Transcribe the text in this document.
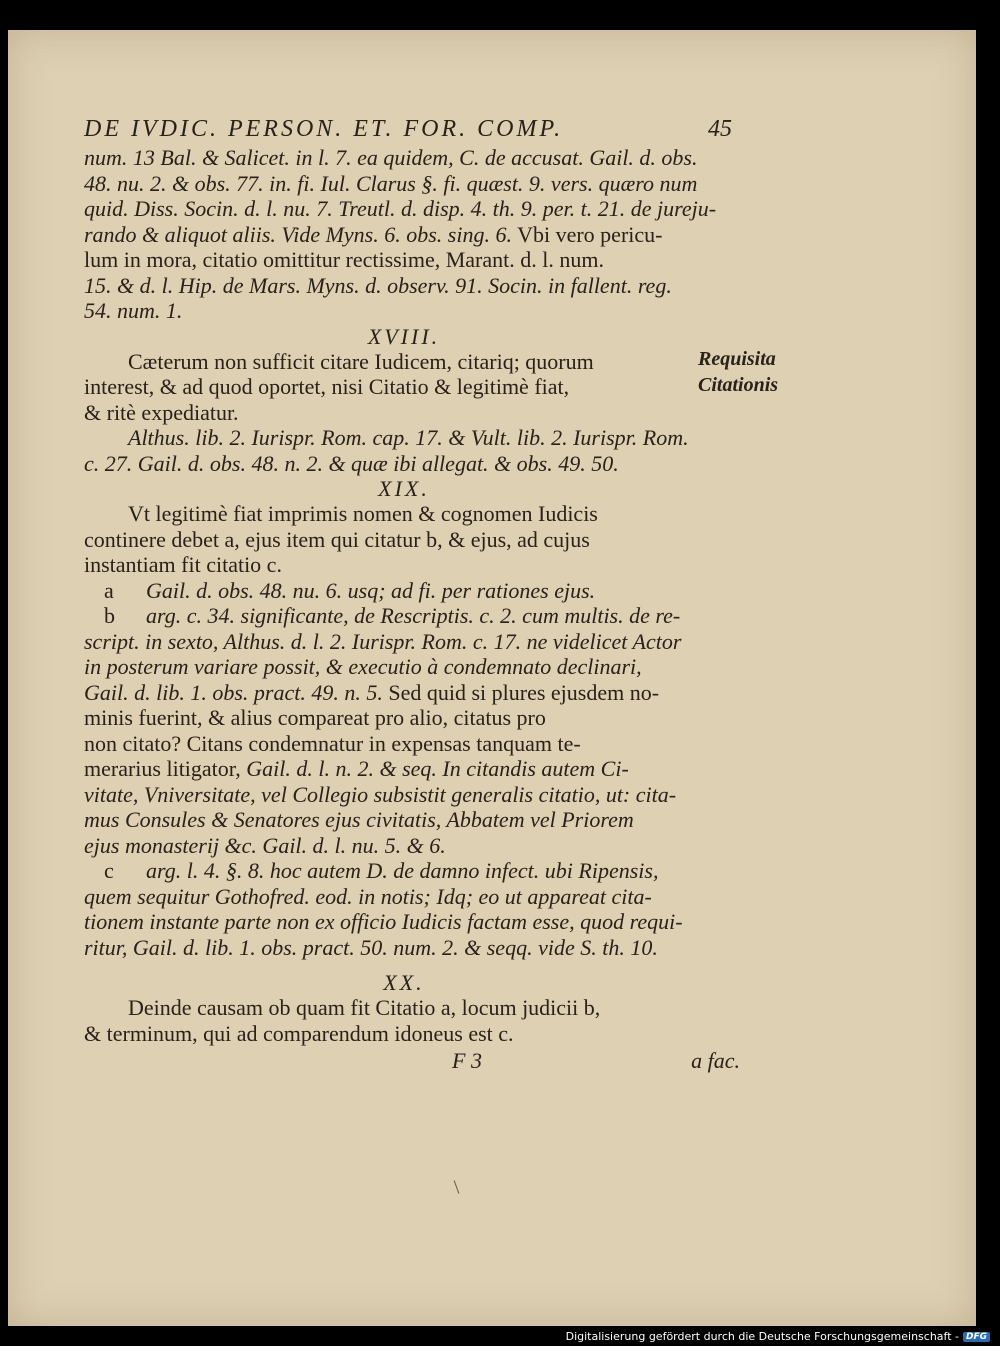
DE IVDIC. PERSON. ET. FOR. COMP.	45
num. 13 Bal. & Salicet. in l. 7. ea quidem, C. de accusat. Gail. d. obs.
48. nu. 2. & obs. 77. in. fi. Iul. Clarus §. fi. quæst. 9. vers. quæro num
quid. Diss. Socin. d. l. nu. 7. Treutl. d. disp. 4. th. 9. per. t. 21. de jureju-
rando & aliquot aliis. Vide Myns. 6. obs. sing. 6. Vbi vero pericu-
lum in mora, citatio omittitur rectissime, Marant. d. l. num.
15. & d. l. Hip. de Mars. Myns. d. observ. 91. Socin. in fallent. reg.
54. num. 1.
XVIII.
Cæterum non sufficit citare Iudicem, citariq; quorum
interest, & ad quod oportet, nisi Citatio & legitimè fiat,
& ritè expediatur.
Althus. lib. 2. Iurispr. Rom. cap. 17. & Vult. lib. 2. Iurispr. Rom.
c. 27. Gail. d. obs. 48. n. 2. & quæ ibi allegat. & obs. 49. 50.
XIX.
Vt legitimè fiat imprimis nomen & cognomen Iudicis
continere debet a, ejus item qui citatur b, & ejus, ad cujus
instantiam fit citatio c.
a Gail. d. obs. 48. nu. 6. usq; ad fi. per rationes ejus.
b arg. c. 34. significante, de Rescriptis. c. 2. cum multis. de re-
script. in sexto, Althus. d. l. 2. Iurispr. Rom. c. 17. ne videlicet Actor
in posterum variare possit, & executio à condemnato declinari,
Gail. d. lib. 1. obs. pract. 49. n. 5. Sed quid si plures ejusdem no-
minis fuerint, & alius compareat pro alio, citatus pro
non citato? Citans condemnatur in expensas tanquam te-
merarius litigator, Gail. d. l. n. 2. & seq. In citandis autem Ci-
vitate, Vniversitate, vel Collegio subsistit generalis citatio, ut: cita-
mus Consules & Senatores ejus civitatis, Abbatem vel Priorem
ejus monasterij &c. Gail. d. l. nu. 5. & 6.
c arg. l. 4. §. 8. hoc autem D. de damno infect. ubi Ripensis,
quem sequitur Gothofred. eod. in notis; Idq; eo ut appareat cita-
tionem instante parte non ex officio Iudicis factam esse, quod requi-
ritur, Gail. d. lib. 1. obs. pract. 50. num. 2. & seqq. vide S. th. 10.
XX.
Deinde causam ob quam fit Citatio a, locum judicii b,
& terminum, qui ad comparendum idoneus est c.
F 3	a fac.
Requisita
Citationis
Digitalisierung gefördert durch die Deutsche Forschungsgemeinschaft - DFG
